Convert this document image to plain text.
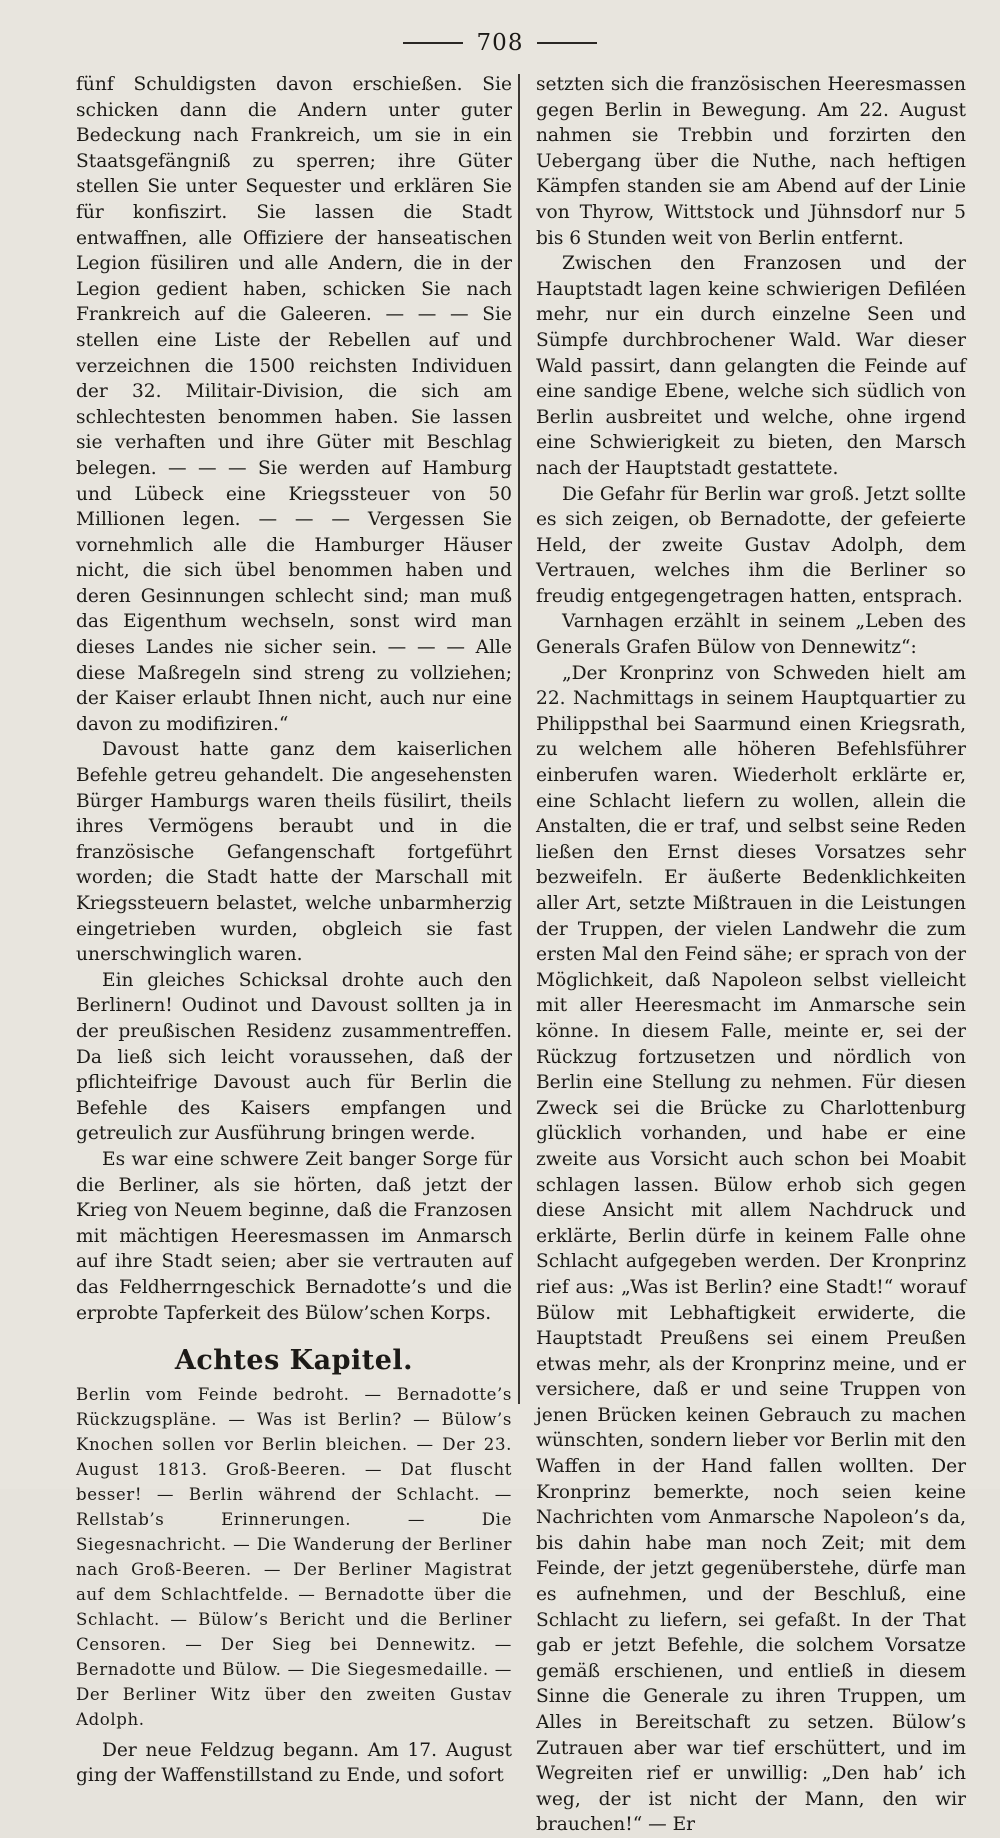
708

fünf Schuldigsten davon erschießen. Sie schicken dann die Andern unter guter Bedeckung nach Frankreich, um sie in ein Staatsgefängniß zu sperren; ihre Güter stellen Sie unter Sequester und erklären Sie für konfiszirt. Sie lassen die Stadt entwaffnen, alle Offiziere der hanseatischen Legion füsiliren und alle Andern, die in der Legion gedient haben, schicken Sie nach Frankreich auf die Galeeren. — — — Sie stellen eine Liste der Rebellen auf und verzeichnen die 1500 reichsten Individuen der 32. Militair-Division, die sich am schlechtesten benommen haben. Sie lassen sie verhaften und ihre Güter mit Beschlag belegen. — — — Sie werden auf Hamburg und Lübeck eine Kriegssteuer von 50 Millionen legen. — — — Vergessen Sie vornehmlich alle die Hamburger Häuser nicht, die sich übel benommen haben und deren Gesinnungen schlecht sind; man muß das Eigenthum wechseln, sonst wird man dieses Landes nie sicher sein. — — — Alle diese Maßregeln sind streng zu vollziehen; der Kaiser erlaubt Ihnen nicht, auch nur eine davon zu modifiziren.“

Davoust hatte ganz dem kaiserlichen Befehle getreu gehandelt. Die angesehensten Bürger Hamburgs waren theils füsilirt, theils ihres Vermögens beraubt und in die französische Gefangenschaft fortgeführt worden; die Stadt hatte der Marschall mit Kriegssteuern belastet, welche unbarmherzig eingetrieben wurden, obgleich sie fast unerschwinglich waren.

Ein gleiches Schicksal drohte auch den Berlinern! Oudinot und Davoust sollten ja in der preußischen Residenz zusammentreffen. Da ließ sich leicht voraussehen, daß der pflichteifrige Davoust auch für Berlin die Befehle des Kaisers empfangen und getreulich zur Ausführung bringen werde.

Es war eine schwere Zeit banger Sorge für die Berliner, als sie hörten, daß jetzt der Krieg von Neuem beginne, daß die Franzosen mit mächtigen Heeresmassen im Anmarsch auf ihre Stadt seien; aber sie vertrauten auf das Feldherrngeschick Bernadotte’s und die erprobte Tapferkeit des Bülow’schen Korps.

Achtes Kapitel.

Berlin vom Feinde bedroht. — Bernadotte’s Rückzugspläne. — Was ist Berlin? — Bülow’s Knochen sollen vor Berlin bleichen. — Der 23. August 1813. Groß-Beeren. — Dat fluscht besser! — Berlin während der Schlacht. — Rellstab’s Erinnerungen. — Die Siegesnachricht. — Die Wanderung der Berliner nach Groß-Beeren. — Der Berliner Magistrat auf dem Schlachtfelde. — Bernadotte über die Schlacht. — Bülow’s Bericht und die Berliner Censoren. — Der Sieg bei Dennewitz. — Bernadotte und Bülow. — Die Siegesmedaille. — Der Berliner Witz über den zweiten Gustav Adolph.

Der neue Feldzug begann. Am 17. August ging der Waffenstillstand zu Ende, und sofort

setzten sich die französischen Heeresmassen gegen Berlin in Bewegung. Am 22. August nahmen sie Trebbin und forzirten den Uebergang über die Nuthe, nach heftigen Kämpfen standen sie am Abend auf der Linie von Thyrow, Wittstock und Jühnsdorf nur 5 bis 6 Stunden weit von Berlin entfernt.

Zwischen den Franzosen und der Hauptstadt lagen keine schwierigen Defiléen mehr, nur ein durch einzelne Seen und Sümpfe durchbrochener Wald. War dieser Wald passirt, dann gelangten die Feinde auf eine sandige Ebene, welche sich südlich von Berlin ausbreitet und welche, ohne irgend eine Schwierigkeit zu bieten, den Marsch nach der Hauptstadt gestattete.

Die Gefahr für Berlin war groß. Jetzt sollte es sich zeigen, ob Bernadotte, der gefeierte Held, der zweite Gustav Adolph, dem Vertrauen, welches ihm die Berliner so freudig entgegengetragen hatten, entsprach.

Varnhagen erzählt in seinem „Leben des Generals Grafen Bülow von Dennewitz“:

„Der Kronprinz von Schweden hielt am 22. Nachmittags in seinem Hauptquartier zu Philippsthal bei Saarmund einen Kriegsrath, zu welchem alle höheren Befehlsführer einberufen waren. Wiederholt erklärte er, eine Schlacht liefern zu wollen, allein die Anstalten, die er traf, und selbst seine Reden ließen den Ernst dieses Vorsatzes sehr bezweifeln. Er äußerte Bedenklichkeiten aller Art, setzte Mißtrauen in die Leistungen der Truppen, der vielen Landwehr die zum ersten Mal den Feind sähe; er sprach von der Möglichkeit, daß Napoleon selbst vielleicht mit aller Heeresmacht im Anmarsche sein könne. In diesem Falle, meinte er, sei der Rückzug fortzusetzen und nördlich von Berlin eine Stellung zu nehmen. Für diesen Zweck sei die Brücke zu Charlottenburg glücklich vorhanden, und habe er eine zweite aus Vorsicht auch schon bei Moabit schlagen lassen. Bülow erhob sich gegen diese Ansicht mit allem Nachdruck und erklärte, Berlin dürfe in keinem Falle ohne Schlacht aufgegeben werden. Der Kronprinz rief aus: „Was ist Berlin? eine Stadt!“ worauf Bülow mit Lebhaftigkeit erwiderte, die Hauptstadt Preußens sei einem Preußen etwas mehr, als der Kronprinz meine, und er versichere, daß er und seine Truppen von jenen Brücken keinen Gebrauch zu machen wünschten, sondern lieber vor Berlin mit den Waffen in der Hand fallen wollten. Der Kronprinz bemerkte, noch seien keine Nachrichten vom Anmarsche Napoleon’s da, bis dahin habe man noch Zeit; mit dem Feinde, der jetzt gegenüberstehe, dürfe man es aufnehmen, und der Beschluß, eine Schlacht zu liefern, sei gefaßt. In der That gab er jetzt Befehle, die solchem Vorsatze gemäß erschienen, und entließ in diesem Sinne die Generale zu ihren Truppen, um Alles in Bereitschaft zu setzen. Bülow’s Zutrauen aber war tief erschüttert, und im Wegreiten rief er unwillig: „Den hab’ ich weg, der ist nicht der Mann, den wir brauchen!“ — Er
